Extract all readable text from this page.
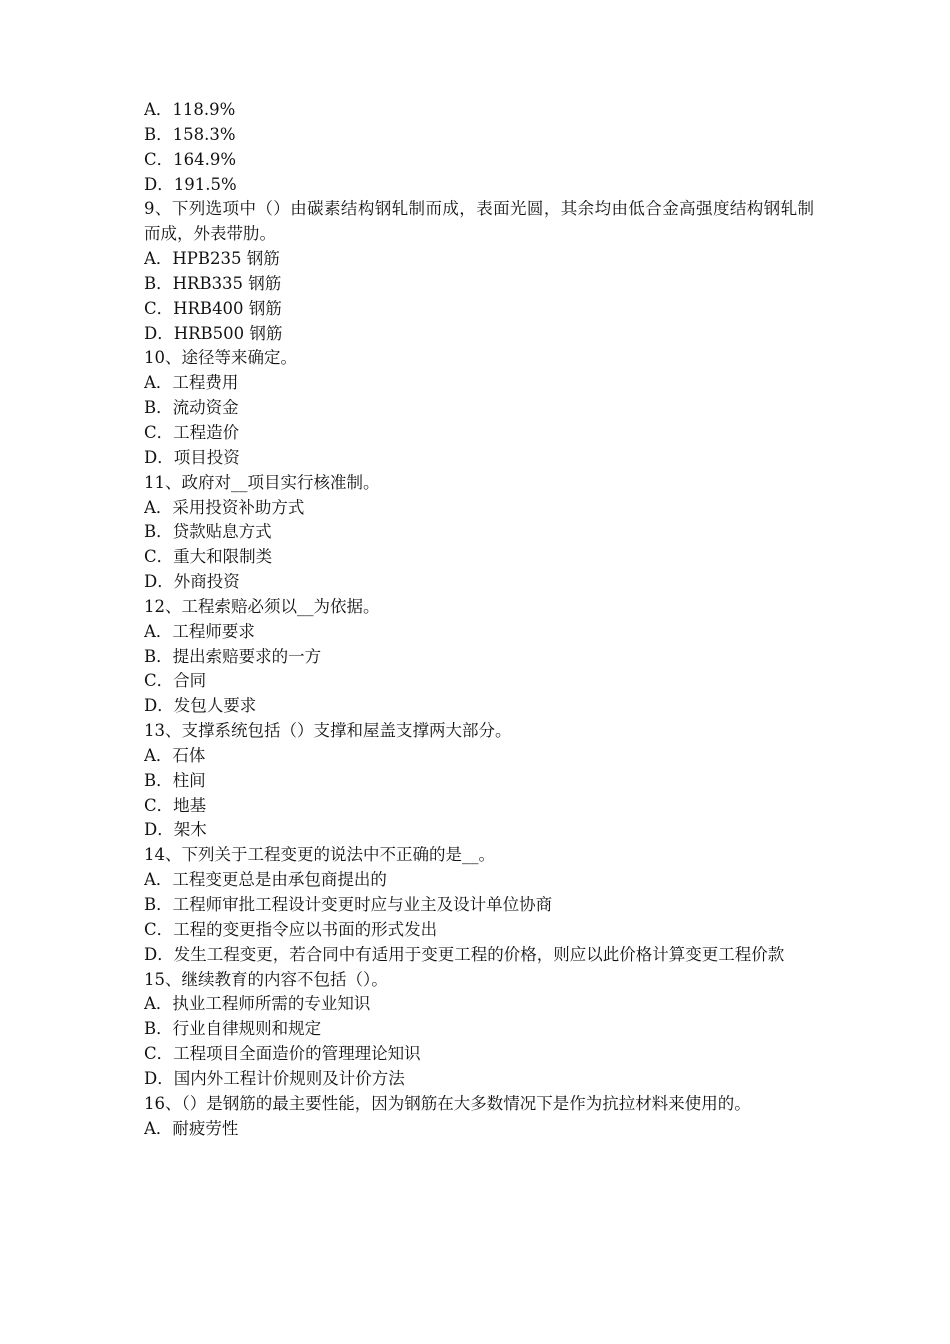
A．118.9%
B．158.3%
C．164.9%
D．191.5%
9、下列选项中（）由碳素结构钢轧制而成，表面光圆，其余均由低合金高强度结构钢轧制而成，外表带肋。
A．HPB235 钢筋
B．HRB335 钢筋
C．HRB400 钢筋
D．HRB500 钢筋
10、途径等来确定。
A．工程费用
B．流动资金
C．工程造价
D．项目投资
11、政府对__项目实行核准制。
A．采用投资补助方式
B．贷款贴息方式
C．重大和限制类
D．外商投资
12、工程索赔必须以__为依据。
A．工程师要求
B．提出索赔要求的一方
C．合同
D．发包人要求
13、支撑系统包括（）支撑和屋盖支撑两大部分。
A．石体
B．柱间
C．地基
D．架木
14、下列关于工程变更的说法中不正确的是__。
A．工程变更总是由承包商提出的
B．工程师审批工程设计变更时应与业主及设计单位协商
C．工程的变更指令应以书面的形式发出
D．发生工程变更，若合同中有适用于变更工程的价格，则应以此价格计算变更工程价款
15、继续教育的内容不包括（）。
A．执业工程师所需的专业知识
B．行业自律规则和规定
C．工程项目全面造价的管理理论知识
D．国内外工程计价规则及计价方法
16、（）是钢筋的最主要性能，因为钢筋在大多数情况下是作为抗拉材料来使用的。
A．耐疲劳性
